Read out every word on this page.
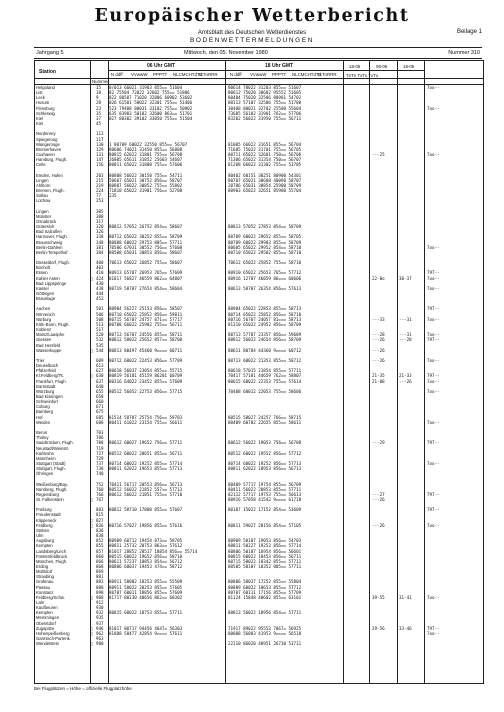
Europäischer Wetterbericht
Amtsblatt des Deutschen Wetterdienstes	Beilage 1
BODENWETTERMELDUNGEN
Jahrgang 5	Mittwoch, den 05. November 1980	Nummer 310
Station
Nummer
06 Uhr GMT	18 Uhr GMT
N ddff VVwwW PPPTT NLCMCHTdTd
TxTnRRR	N ddff VVwwW PPPTT NLCMCHTdTd
TxTnRRR
18-06	06-06	18-06
TnTn TxTx TxTx
Helgoland	15	0/013 66021 31903 855== 51604	80614 78022 31203 855== 51607	7oo--
List	18	82 75504 72022 32602 755== 51806	80612 75020 30602 95552 51605
Leck	9	022 80507 71020 32806 60902 53602	80404 75020 32506 80901 54702
Husum	28	026 61501 58022 32301 755== 51406	80113 57107 32506 755== 51708
Flensburg	23	523 79408 80031 33102 755== 50902	30408 80021 32702 25500 55604	7oo--
Schleswig	35	635 83903 50102 32600 863== 51701	73605 56102 31901 762== 57706
Kiel	37	027 80302 39102 33050 755== 51504	83202 56022 31950 755== 56711
Kiel	45
Norderney	113
Spiegeroog	117
Wangerooge	130	1 80709 60022 32550 855== 56707	81005 66022 31651 855== 56704
Bremerhaven	129	80606 74021 31450 855== 56808	71605 75022 31701 755== 56705
Cuxhaven	131	80815 62022 31801 755== 56708	80711 65022 32601 750== 56706	---25	7oo--
Hamburg, Flugh.	147	26805 65611 31852 25603 54607	71306 65022 31354 750== 56707
Celle	156	80811 65022 31800 755== 57606	81208 66022 31302 755== 53705
Emden, Hafen	203	80808 56022 30150 755== 54711	80402 60151 30251 80900 54301
Lingen	215	50607 65021 30752 856== 58707	80707 65021 30608 40090 58707
Ahlhorn	219	80807 56022 30852 755== 55802	20706 65031 30854 25900 58709
Bremen, Flugh.	224	71818 65022 31901 756== 52708	80903 65022 32651 85900 55704
Soltau	77	235
Lüchow	253
Lingen	305
Münster	308
Osnabrück	317
Gütersloh	320	80812 57052 26752 854== 58607	80813 57052 27853 854== 58709
Bad Salzuflen	326
Hannover, Flugh.	338	80712 65022 30252 855== 58709	80709 60022 29652 855== 58705
Braunschweig	348	80808 60022 29753 805== 57711	80709 60022 29903 855== 58709
Berlin-Dahlem	381	70506 67031 30552 756== 57608	80605 65022 29952 854== 58710	7oo--
Berlin-Tempelhof	384	80508 65031 30853 856== 58607	80710 65022 29502 855== 58710
Düsseldorf, Flugh.	400	70613 65022 26852 755== 58607	70612 65022 25852 755== 58710
Bocholt	403
Essen	410	80913 65707 26953 765== 57609	80910 65022 25653 765== 57712	797--
Kahler Asten	□ 424	81817 56827 46559 862== 64807	80916 12787 46059 86=== 60606	22-0o	30-37	7oo--
Bad Lippspringe	430
Kassel	438	80719 58707 27654 854== 58604	80613 58707 26354 856== 57613	7oo--
Göttingen	444
Braunlage	452
Aachen	501	80904 56227 25153 856== 58507	80904 65022 22853 855== 58713	797--
Nörvenich	506	80710 65022 25852 856== 59811	80714 65022 25852 856== 58710
Nürburg	508	80715 56707 24757 871== 57717	80716 56707 24057 81=== 58713	---33	---31	7oo--
Köln-Bonn, Flugh.	513	80708 66022 25902 755== 56711	81310 65022 24952 856== 58709
Koblenz	517
Mainz/Laasphe	520	80713 56707 24556 855== 58711	80713 57707 23357 856== 59609	---28	---31	7oo--
Giessen	532	80812 58022 25652 857== 58708	80812 56022 24654 856== 58709	---26	---28	797--
Bad Hersfeld	535
Wasserkuppe	□ 544	80813 80497 45460 9==== 60711	80611 80784 44360 9==== 60712	---26
Trier	609	80712 60022 22453 856== 57709	80713 60022 21353 855== 58712	---26	7oo--
Deuselbach	613
Pfälzerfeld	627	80618 56037 23054 855== 55715	80618 57015 21854 855== 57711
Kl.Feldberg/Ts.	□ 630	80819 56101 45159 86201 60709	70417 57101 44659 762== 58807	21-35	21-33	797--
Frankfurt, Flugh.	637	80316 64022 23452 855== 57609	80615 60022 22353 755== 57614	21-08	---26	7oo--
Darmstadt	640
Würzburg	655	80512 56052 22753 856== 57715	70408 60012 22053 755== 58606	7oo--
Bad Kissingen	658
Schweinfurt	660
Coburg	671
Bamberg	675
Hof	685	81514 58707 25754 756== 59703	80515 58027 24257 766== 58715
Weiden	688	80411 61022 23154 755== 56611	80409 60702 22655 855== 58611	7oo--
Berus	703
Tholey	706
Saarbrücken, Flugh.	708	80612 60027 19652 756== 57711	80612 56022 19053 756== 56708	---29	797--
Neustadt/Weinstr.	719
Karlsruhe	727	80512 60022 20651 855== 56711	80512 60022 19552 856== 57712
Mannheim	729
Stuttgart (Stadt)	737	80714 60022 19252 855== 57714	80714 60022 19252 856== 57713	7oo--
Stuttgart, Flugh.	738	80811 62022 19653 855== 57713	80811 62022 18953 856== 56713
Öhringen	740
Weißenburg/Bay.	752	70411 56717 20553 856== 56713	80409 57717 19754 855== 56709
Nürnberg, Flugh.	760	80512 56022 21852 557== 57713	80411 56022 20853 855== 57711
Regensburg	766	80612 56022 21851 755== 57710	82112 57717 19753 755== 56613	---27	797--
St. Falkenstein	□ 767	80916 57058 41542 9==== 61718	---26
Freiburg	803	80812 58710 17800 855== 57607	80107 15022 17152 854== 53609	797--
Freudenstadt	815
Klippeneck	□ 827
Feldberg	□ 836	80716 57027 19856 855== 57616	80811 59027 20156 854== 57105	---26	7oo--
Stötten	836
Ulm	838
Augsburg	852	80909 60712 19454 873== 58705	80909 50107 19053 856== 54703
Kempten	855	80811 25732 20753 863== 57612	80811 50227 19253 856== 57714
Landsberg/Lech	857	81017 28852 28517 18854 856== 55714	80806 50107 16954 856== 56601
Fürstenfeldbruck	860	80515 60022 19652 856== 58710	80815 60022 18453 856== 56711
München, Flugh.	866	80611 57237 18853 854== 56712	80715 58022 18342 855== 57711
Erding	868	80806 60037 19453 474== 58712	80505 58107 18352 885== 57711
Mühldorf	869
Straubing	881
Grafenau	883	80911 58002 18253 855== 55509	80806 58037 17252 855== 55804
Passau	888	80911 58022 20253 855== 57605	80809 60022 18653 855== 57712
Konstanz	898	80707 60011 18856 855== 57609	80707 60111 17156 855== 57709
Feldberg/Schw.	□ 908	81717 80230 40656 862== 60302	81124 15848 40602 855== 63101	39-55	31-41	7oo--
Lahr	912
Kaufbeuren	930
Kempten	932	80815 60022 18753 855== 57711	80813 56022 18956 854== 57711
Memmingen	935
Oberstdorf	937
Zugspitze	□ 946	81817 80717 94456 4647= 56303	71917 89022 95553 7067= 56925	29-56	33-46	797--
Hohenpeißenberg	□ 962	81808 58477 42854 9==== 57611	80808 56003 41953 9==== 56510	7oo--
Garmisch-Partenk.	963
Wendelstein	□ 980	22110 86020 40951 26730 53711
Bei Flugplätzen = Höhe = offizielle Flugplatzhöhe
